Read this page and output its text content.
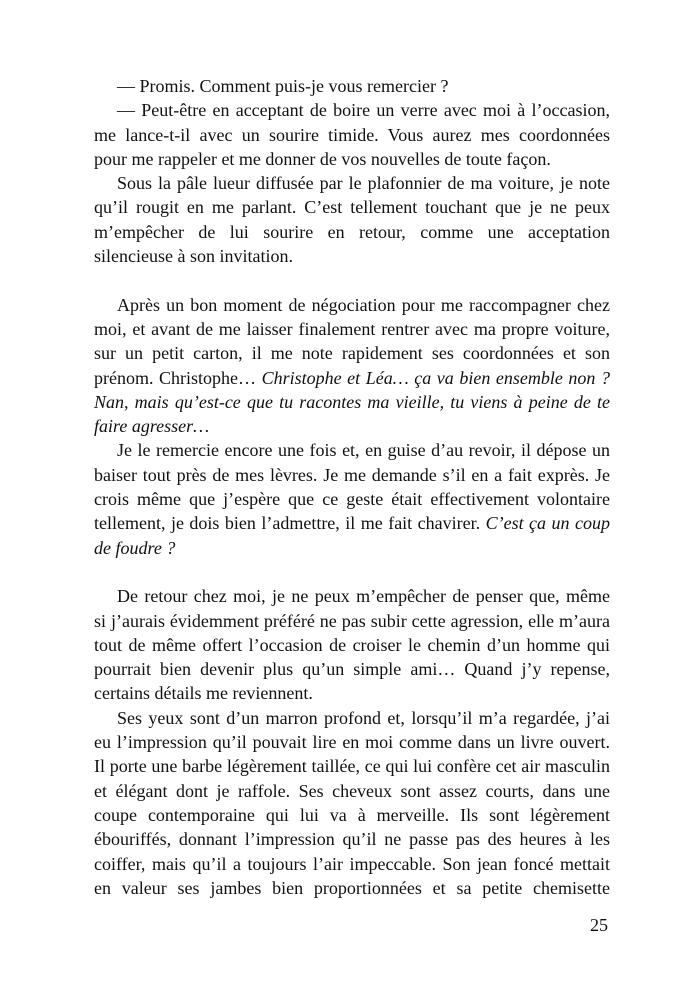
— Promis. Comment puis-je vous remercier ?
— Peut-être en acceptant de boire un verre avec moi à l’occasion,
me lance-t-il avec un sourire timide. Vous aurez mes coordonnées
pour me rappeler et me donner de vos nouvelles de toute façon.
Sous la pâle lueur diffusée par le plafonnier de ma voiture, je note
qu’il rougit en me parlant. C’est tellement touchant que je ne peux
m’empêcher de lui sourire en retour, comme une acceptation
silencieuse à son invitation.
Après un bon moment de négociation pour me raccompagner chez
moi, et avant de me laisser finalement rentrer avec ma propre voiture,
sur un petit carton, il me note rapidement ses coordonnées et son
prénom. Christophe… Christophe et Léa… ça va bien ensemble non ?
Nan, mais qu’est-ce que tu racontes ma vieille, tu viens à peine de te
faire agresser…
Je le remercie encore une fois et, en guise d’au revoir, il dépose un
baiser tout près de mes lèvres. Je me demande s’il en a fait exprès. Je
crois même que j’espère que ce geste était effectivement volontaire
tellement, je dois bien l’admettre, il me fait chavirer. C’est ça un coup
de foudre ?
De retour chez moi, je ne peux m’empêcher de penser que, même
si j’aurais évidemment préféré ne pas subir cette agression, elle m’aura
tout de même offert l’occasion de croiser le chemin d’un homme qui
pourrait bien devenir plus qu’un simple ami… Quand j’y repense,
certains détails me reviennent.
Ses yeux sont d’un marron profond et, lorsqu’il m’a regardée, j’ai
eu l’impression qu’il pouvait lire en moi comme dans un livre ouvert.
Il porte une barbe légèrement taillée, ce qui lui confère cet air masculin
et élégant dont je raffole. Ses cheveux sont assez courts, dans une
coupe contemporaine qui lui va à merveille. Ils sont légèrement
ébouriffés, donnant l’impression qu’il ne passe pas des heures à les
coiffer, mais qu’il a toujours l’air impeccable. Son jean foncé mettait
en valeur ses jambes bien proportionnées et sa petite chemisette
25
